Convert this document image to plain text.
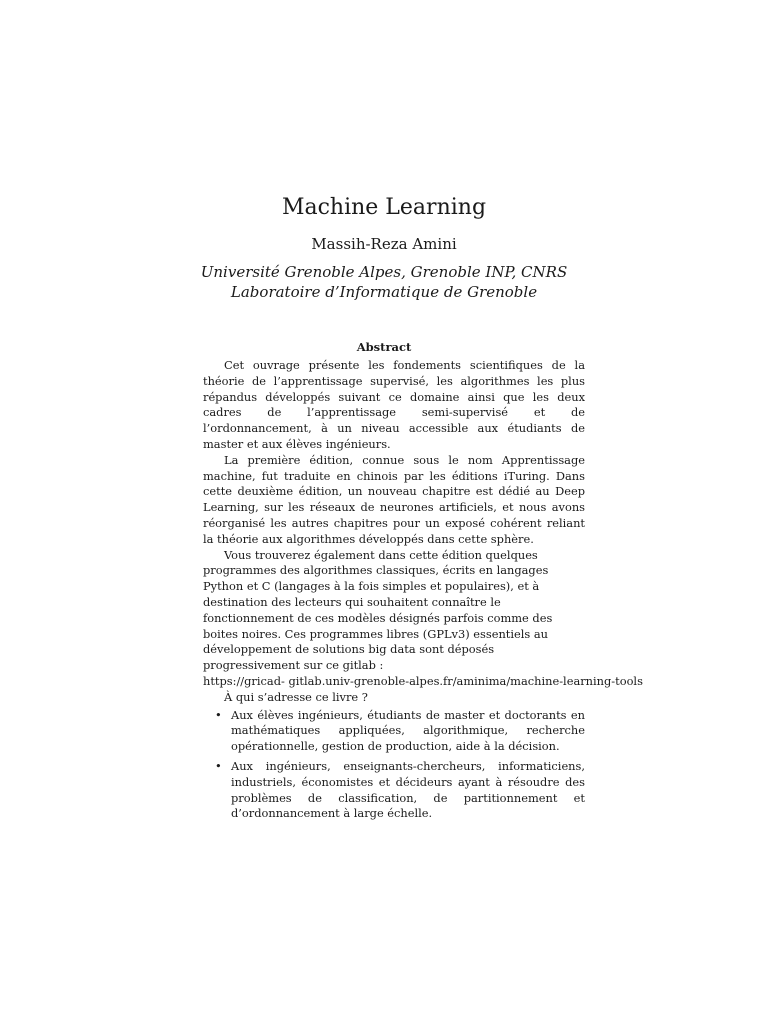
Machine Learning
Massih-Reza Amini
Université Grenoble Alpes, Grenoble INP, CNRS
Laboratoire d’Informatique de Grenoble
Abstract

Cet ouvrage présente les fondements scientifiques de la théorie de l’apprentissage supervisé, les algorithmes les plus répandus développés suivant ce domaine ainsi que les deux cadres de l’apprentissage semi-supervisé et de l’ordonnancement, à un niveau accessible aux étudiants de master et aux élèves ingénieurs.

La première édition, connue sous le nom Apprentissage machine, fut traduite en chinois par les éditions iTuring. Dans cette deuxième édition, un nouveau chapitre est dédié au Deep Learning, sur les réseaux de neurones artificiels, et nous avons réorganisé les autres chapitres pour un exposé cohérent reliant la théorie aux algorithmes développés dans cette sphère.

Vous trouverez également dans cette édition quelques programmes des algorithmes classiques, écrits en langages Python et C (langages à la fois simples et populaires), et à destination des lecteurs qui souhaitent connaître le fonctionnement de ces modèles désignés parfois comme des boites noires. Ces programmes libres (GPLv3) essentiels au développement de solutions big data sont déposés progressivement sur ce gitlab :
https://gricad- gitlab.univ-grenoble-alpes.fr/aminima/machine-learning-tools

À qui s’adresse ce livre ?

• Aux élèves ingénieurs, étudiants de master et doctorants en mathématiques appliquées, algorithmique, recherche opérationnelle, gestion de production, aide à la décision.
• Aux ingénieurs, enseignants-chercheurs, informaticiens, industriels, économistes et décideurs ayant à résoudre des problèmes de classification, de partitionnement et d’ordonnancement à large échelle.
